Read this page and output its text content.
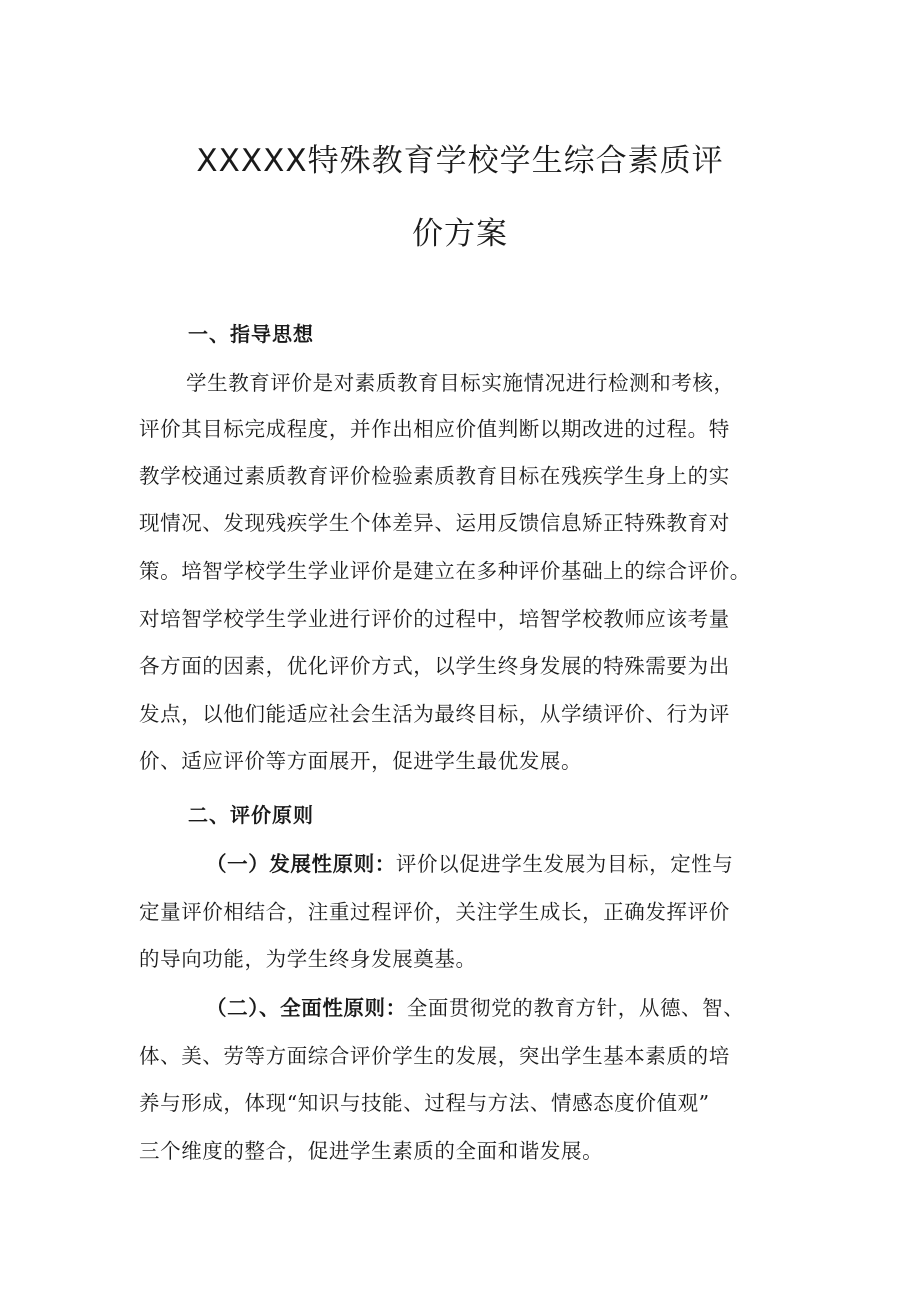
XXXXX特殊教育学校学生综合素质评
价方案
一、指导思想
学生教育评价是对素质教育目标实施情况进行检测和考核，
评价其目标完成程度，并作出相应价值判断以期改进的过程。特
教学校通过素质教育评价检验素质教育目标在残疾学生身上的实
现情况、发现残疾学生个体差异、运用反馈信息矫正特殊教育对
策。培智学校学生学业评价是建立在多种评价基础上的综合评价。
对培智学校学生学业进行评价的过程中，培智学校教师应该考量
各方面的因素，优化评价方式，以学生终身发展的特殊需要为出
发点，以他们能适应社会生活为最终目标，从学绩评价、行为评
价、适应评价等方面展开，促进学生最优发展。
二、评价原则
（一）发展性原则：评价以促进学生发展为目标，定性与
定量评价相结合，注重过程评价，关注学生成长，正确发挥评价
的导向功能，为学生终身发展奠基。
（二）、全面性原则：全面贯彻党的教育方针，从德、智、
体、美、劳等方面综合评价学生的发展，突出学生基本素质的培
养与形成，体现“知识与技能、过程与方法、情感态度价值观”
三个维度的整合，促进学生素质的全面和谐发展。
